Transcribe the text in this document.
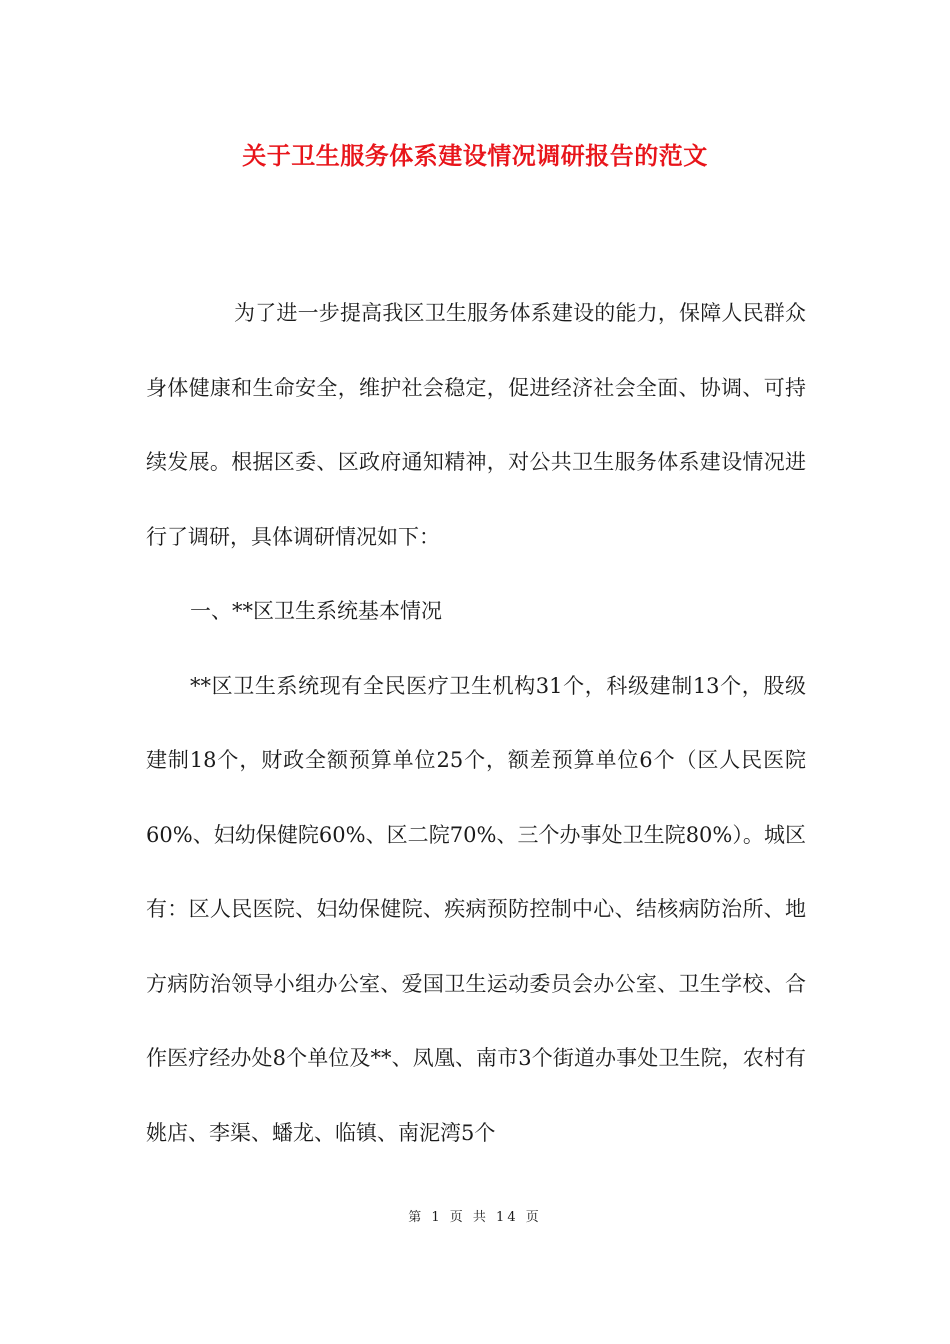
关于卫生服务体系建设情况调研报告的范文

为了进一步提高我区卫生服务体系建设的能力，保障人民群众身体健康和生命安全，维护社会稳定，促进经济社会全面、协调、可持续发展。根据区委、区政府通知精神，对公共卫生服务体系建设情况进行了调研，具体调研情况如下：

一、**区卫生系统基本情况

**区卫生系统现有全民医疗卫生机构31个，科级建制13个，股级建制18个，财政全额预算单位25个，额差预算单位6个（区人民医院60%、妇幼保健院60%、区二院70%、三个办事处卫生院80%）。城区有：区人民医院、妇幼保健院、疾病预防控制中心、结核病防治所、地方病防治领导小组办公室、爱国卫生运动委员会办公室、卫生学校、合作医疗经办处8个单位及**、凤凰、南市3个街道办事处卫生院，农村有姚店、李渠、蟠龙、临镇、南泥湾5个

第 1 页 共 14 页
